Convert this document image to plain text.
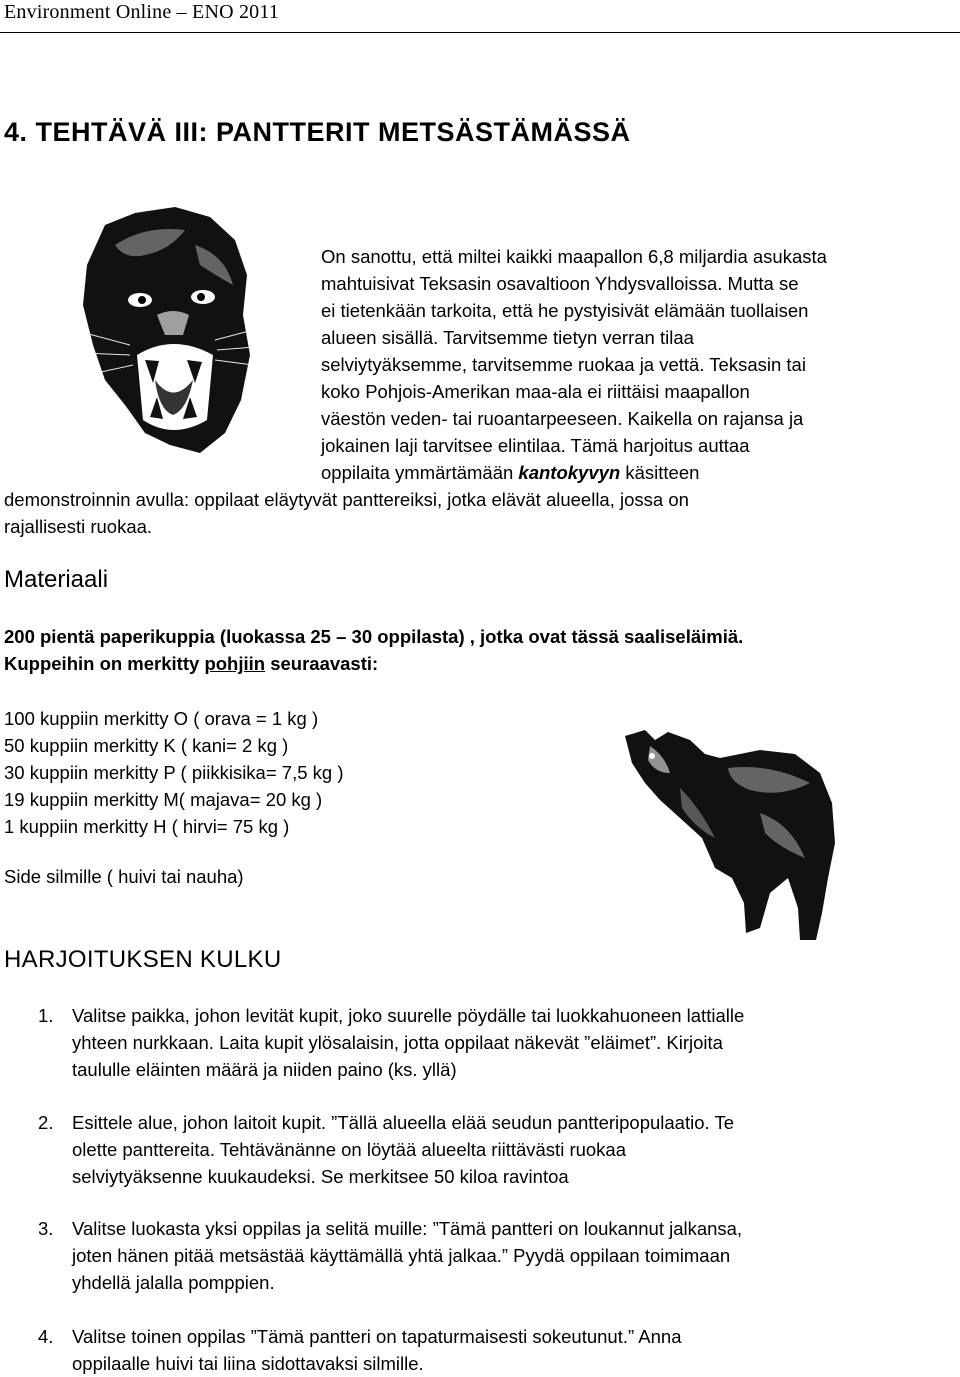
Environment Online – ENO 2011
4. TEHTÄVÄ III: PANTTERIT METSÄSTÄMÄSSÄ
On sanottu, että miltei kaikki maapallon 6,8 miljardia asukasta
mahtuisivat Teksasin osavaltioon Yhdysvalloissa. Mutta se
ei tietenkään tarkoita, että he pystyisivät elämään tuollaisen
alueen sisällä. Tarvitsemme tietyn verran tilaa
selviytyäksemme, tarvitsemme ruokaa ja vettä. Teksasin tai
koko Pohjois-Amerikan maa-ala ei riittäisi maapallon
väestön veden- tai ruoantarpeeseen. Kaikella on rajansa ja
jokainen laji tarvitsee elintilaa. Tämä harjoitus auttaa
oppilaita ymmärtämään kantokyvyn käsitteen
demonstroinnin avulla: oppilaat eläytyvät panttereiksi, jotka elävät alueella, jossa on
rajallisesti ruokaa.
Materiaali
200 pientä paperikuppia (luokassa 25 – 30 oppilasta) , jotka ovat tässä saaliseläimiä.
Kuppeihin on merkitty pohjiin seuraavasti:
100 kuppiin merkitty O ( orava = 1 kg )
50 kuppiin merkitty K ( kani= 2 kg )
30 kuppiin merkitty P ( piikkisika= 7,5 kg )
19 kuppiin merkitty M( majava= 20 kg )
1 kuppiin merkitty H ( hirvi= 75 kg )
Side silmille ( huivi tai nauha)
HARJOITUKSEN KULKU
1. Valitse paikka, johon levität kupit, joko suurelle pöydälle tai luokkahuoneen lattialle
yhteen nurkkaan. Laita kupit ylösalaisin, jotta oppilaat näkevät ”eläimet”. Kirjoita
taululle eläinten määrä ja niiden paino (ks. yllä)
2. Esittele alue, johon laitoit kupit. ”Tällä alueella elää seudun pantteripopulaatio. Te
olette panttereita. Tehtävänänne on löytää alueelta riittävästi ruokaa
selviytyäksenne kuukaudeksi. Se merkitsee 50 kiloa ravintoa
3. Valitse luokasta yksi oppilas ja selitä muille: ”Tämä pantteri on loukannut jalkansa,
joten hänen pitää metsästää käyttämällä yhtä jalkaa.” Pyydä oppilaan toimimaan
yhdellä jalalla pomppien.
4. Valitse toinen oppilas ”Tämä pantteri on tapaturmaisesti sokeutunut.” Anna
oppilaalle huivi tai liina sidottavaksi silmille.
